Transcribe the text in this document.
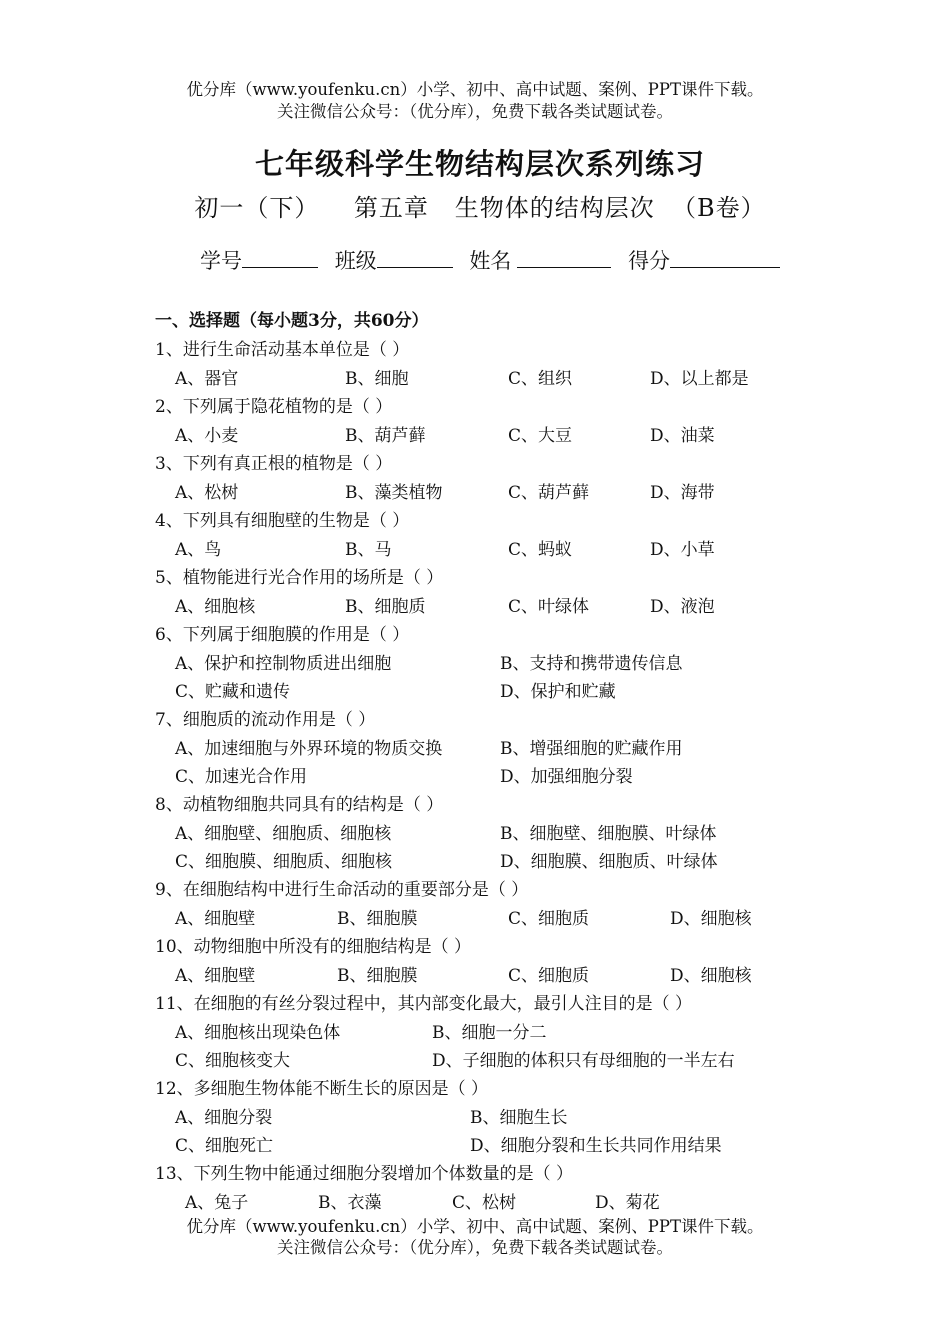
优分库（www.youfenku.cn）小学、初中、高中试题、案例、PPT课件下载。
关注微信公众号：（优分库），免费下载各类试题试卷。
七年级科学生物结构层次系列练习
初一（下）    第五章   生物体的结构层次  （B卷）
学号	班级	姓名	得分
一、选择题（每小题3分，共60分）
1、进行生命活动基本单位是（ ）
A、器官	B、细胞	C、组织	D、以上都是
2、下列属于隐花植物的是（ ）
A、小麦	B、葫芦藓	C、大豆	D、油菜
3、下列有真正根的植物是（ ）
A、松树	B、藻类植物	C、葫芦藓	D、海带
4、下列具有细胞壁的生物是（ ）
A、鸟	B、马	C、蚂蚁	D、小草
5、植物能进行光合作用的场所是（ ）
A、细胞核	B、细胞质	C、叶绿体	D、液泡
6、下列属于细胞膜的作用是（ ）
A、保护和控制物质进出细胞	B、支持和携带遗传信息
C、贮藏和遗传	D、保护和贮藏
7、细胞质的流动作用是（ ）
A、加速细胞与外界环境的物质交换	B、增强细胞的贮藏作用
C、加速光合作用	D、加强细胞分裂
8、动植物细胞共同具有的结构是（ ）
A、细胞壁、细胞质、细胞核	B、细胞壁、细胞膜、叶绿体
C、细胞膜、细胞质、细胞核	D、细胞膜、细胞质、叶绿体
9、在细胞结构中进行生命活动的重要部分是（ ）
A、细胞壁	B、细胞膜	C、细胞质	D、细胞核
10、动物细胞中所没有的细胞结构是（ ）
A、细胞壁	B、细胞膜	C、细胞质	D、细胞核
11、在细胞的有丝分裂过程中，其内部变化最大，最引人注目的是（ ）
A、细胞核出现染色体	B、细胞一分二
C、细胞核变大	D、子细胞的体积只有母细胞的一半左右
12、多细胞生物体能不断生长的原因是（ ）
A、细胞分裂	B、细胞生长
C、细胞死亡	D、细胞分裂和生长共同作用结果
13、下列生物中能通过细胞分裂增加个体数量的是（ ）
A、兔子	B、衣藻	C、松树	D、菊花
优分库（www.youfenku.cn）小学、初中、高中试题、案例、PPT课件下载。
关注微信公众号：（优分库），免费下载各类试题试卷。
